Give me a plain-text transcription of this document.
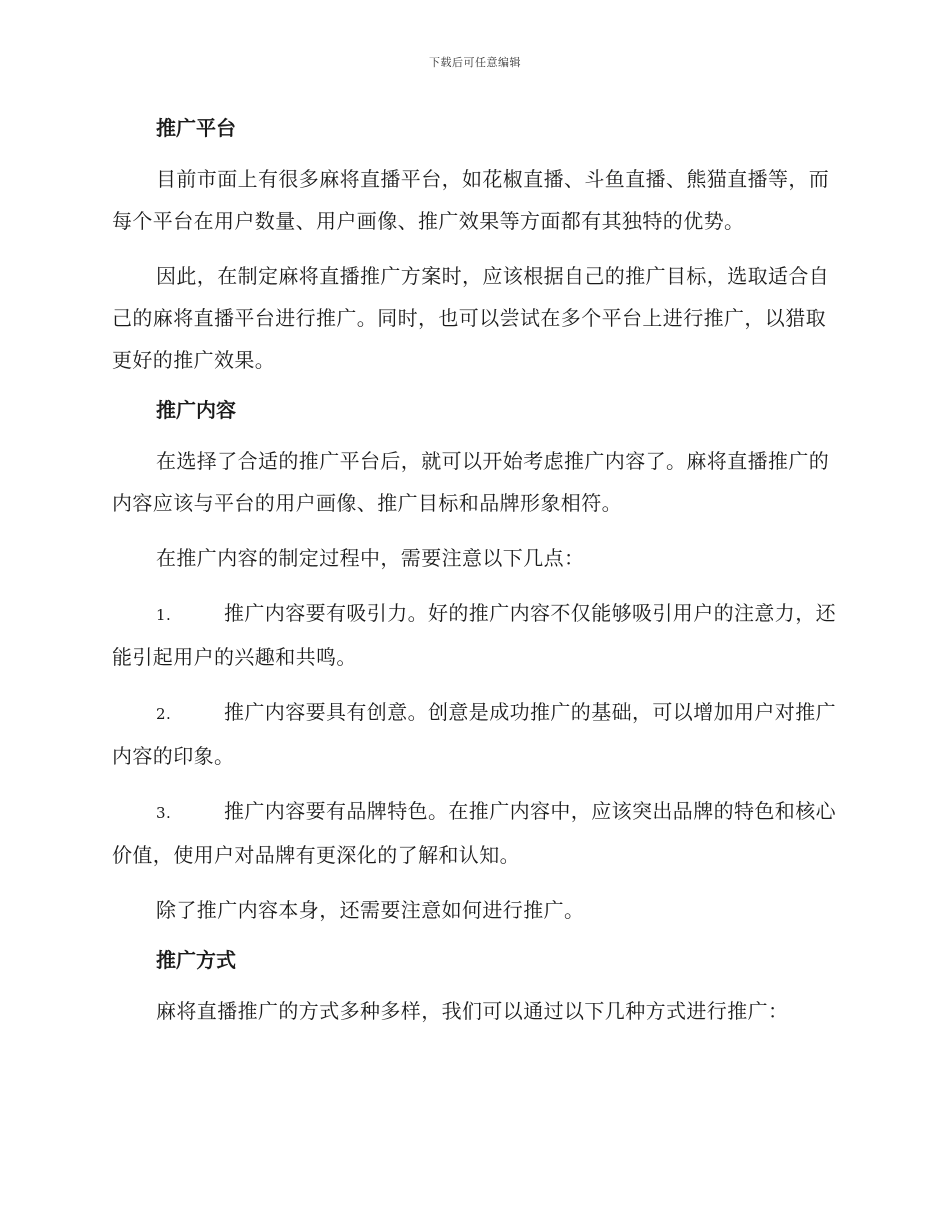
下载后可任意编辑
推广平台

目前市面上有很多麻将直播平台，如花椒直播、斗鱼直播、熊猫直播等，而每个平台在用户数量、用户画像、推广效果等方面都有其独特的优势。

因此，在制定麻将直播推广方案时，应该根据自己的推广目标，选取适合自己的麻将直播平台进行推广。同时，也可以尝试在多个平台上进行推广，以猎取更好的推广效果。

推广内容

在选择了合适的推广平台后，就可以开始考虑推广内容了。麻将直播推广的内容应该与平台的用户画像、推广目标和品牌形象相符。

在推广内容的制定过程中，需要注意以下几点：

1.	推广内容要有吸引力。好的推广内容不仅能够吸引用户的注意力，还能引起用户的兴趣和共鸣。

2.	推广内容要具有创意。创意是成功推广的基础，可以增加用户对推广内容的印象。

3.	推广内容要有品牌特色。在推广内容中，应该突出品牌的特色和核心价值，使用户对品牌有更深化的了解和认知。

除了推广内容本身，还需要注意如何进行推广。

推广方式

麻将直播推广的方式多种多样，我们可以通过以下几种方式进行推广：
